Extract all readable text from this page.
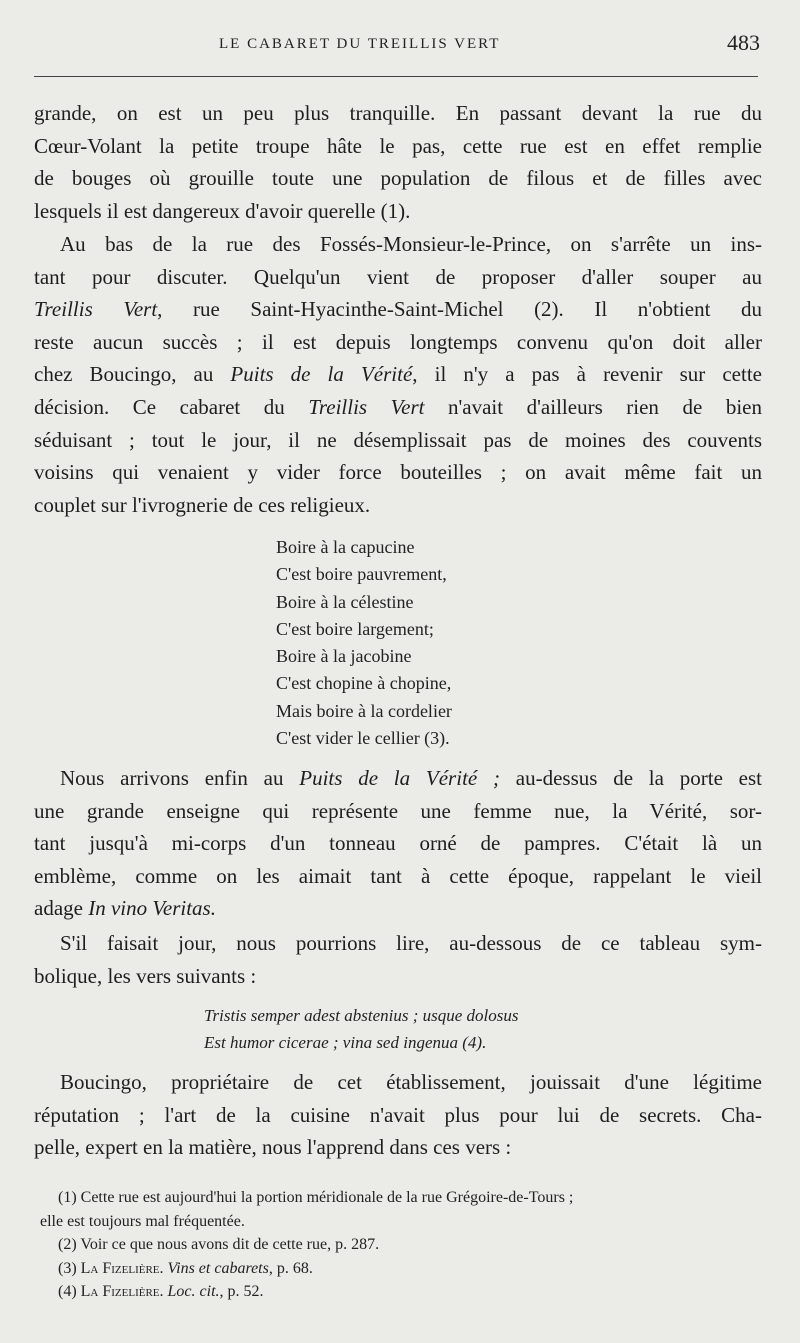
LE CABARET DU TREILLIS VERT	483
grande, on est un peu plus tranquille. En passant devant la rue du
Cœur-Volant la petite troupe hâte le pas, cette rue est en effet remplie
de bouges où grouille toute une population de filous et de filles avec
lesquels il est dangereux d'avoir querelle (1).
Au bas de la rue des Fossés-Monsieur-le-Prince, on s'arrête un ins-
tant pour discuter. Quelqu'un vient de proposer d'aller souper au
Treillis Vert, rue Saint-Hyacinthe-Saint-Michel (2). Il n'obtient du
reste aucun succès ; il est depuis longtemps convenu qu'on doit aller
chez Boucingo, au Puits de la Vérité, il n'y a pas à revenir sur cette
décision. Ce cabaret du Treillis Vert n'avait d'ailleurs rien de bien
séduisant ; tout le jour, il ne désemplissait pas de moines des couvents
voisins qui venaient y vider force bouteilles ; on avait même fait un
couplet sur l'ivrognerie de ces religieux.
Boire à la capucine
C'est boire pauvrement,
Boire à la célestine
C'est boire largement;
Boire à la jacobine
C'est chopine à chopine,
Mais boire à la cordelier
C'est vider le cellier (3).
Nous arrivons enfin au Puits de la Vérité ; au-dessus de la porte est
une grande enseigne qui représente une femme nue, la Vérité, sor-
tant jusqu'à mi-corps d'un tonneau orné de pampres. C'était là un
emblème, comme on les aimait tant à cette époque, rappelant le vieil
adage In vino Veritas.
S'il faisait jour, nous pourrions lire, au-dessous de ce tableau sym-
bolique, les vers suivants :
Tristis semper adest abstenius ; usque dolosus
Est humor cicerae ; vina sed ingenua (4).
Boucingo, propriétaire de cet établissement, jouissait d'une légitime
réputation ; l'art de la cuisine n'avait plus pour lui de secrets. Cha-
pelle, expert en la matière, nous l'apprend dans ces vers :
(1) Cette rue est aujourd'hui la portion méridionale de la rue Grégoire-de-Tours ;
elle est toujours mal fréquentée.
(2) Voir ce que nous avons dit de cette rue, p. 287.
(3) La Fizelière. Vins et cabarets, p. 68.
(4) La Fizelière. Loc. cit., p. 52.
